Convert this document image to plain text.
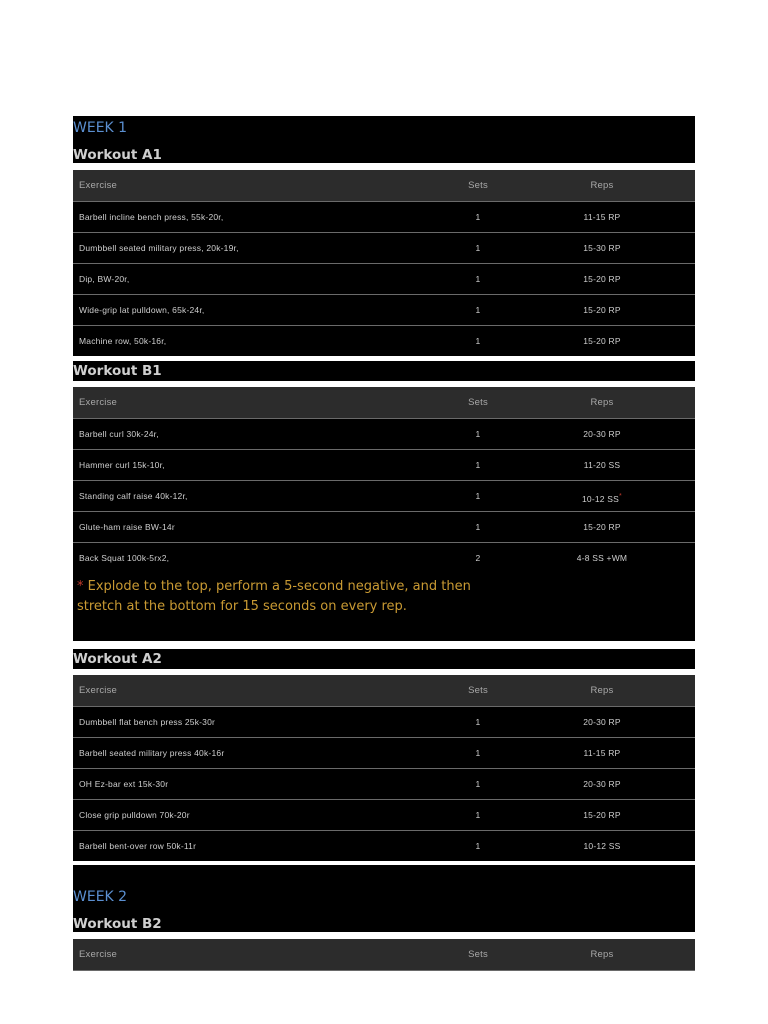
WEEK 1
Workout A1
Exercise	Sets	Reps
Barbell incline bench press, 55k-20r,	1	11-15 RP
Dumbbell seated military press, 20k-19r,	1	15-30 RP
Dip, BW-20r,	1	15-20 RP
Wide-grip lat pulldown, 65k-24r,	1	15-20 RP
Machine row, 50k-16r,	1	15-20 RP
Workout B1
Exercise	Sets	Reps
Barbell curl 30k-24r,	1	20-30 RP
Hammer curl 15k-10r,	1	11-20 SS
Standing calf raise 40k-12r,	1	10-12 SS*
Glute-ham raise BW-14r	1	15-20 RP
Back Squat 100k-5rx2,	2	4-8 SS +WM
* Explode to the top, perform a 5-second negative, and then
stretch at the bottom for 15 seconds on every rep.
Workout A2
Exercise	Sets	Reps
Dumbbell flat bench press 25k-30r	1	20-30 RP
Barbell seated military press 40k-16r	1	11-15 RP
OH Ez-bar ext 15k-30r	1	20-30 RP
Close grip pulldown 70k-20r	1	15-20 RP
Barbell bent-over row 50k-11r	1	10-12 SS
WEEK 2
Workout B2
Exercise	Sets	Reps
